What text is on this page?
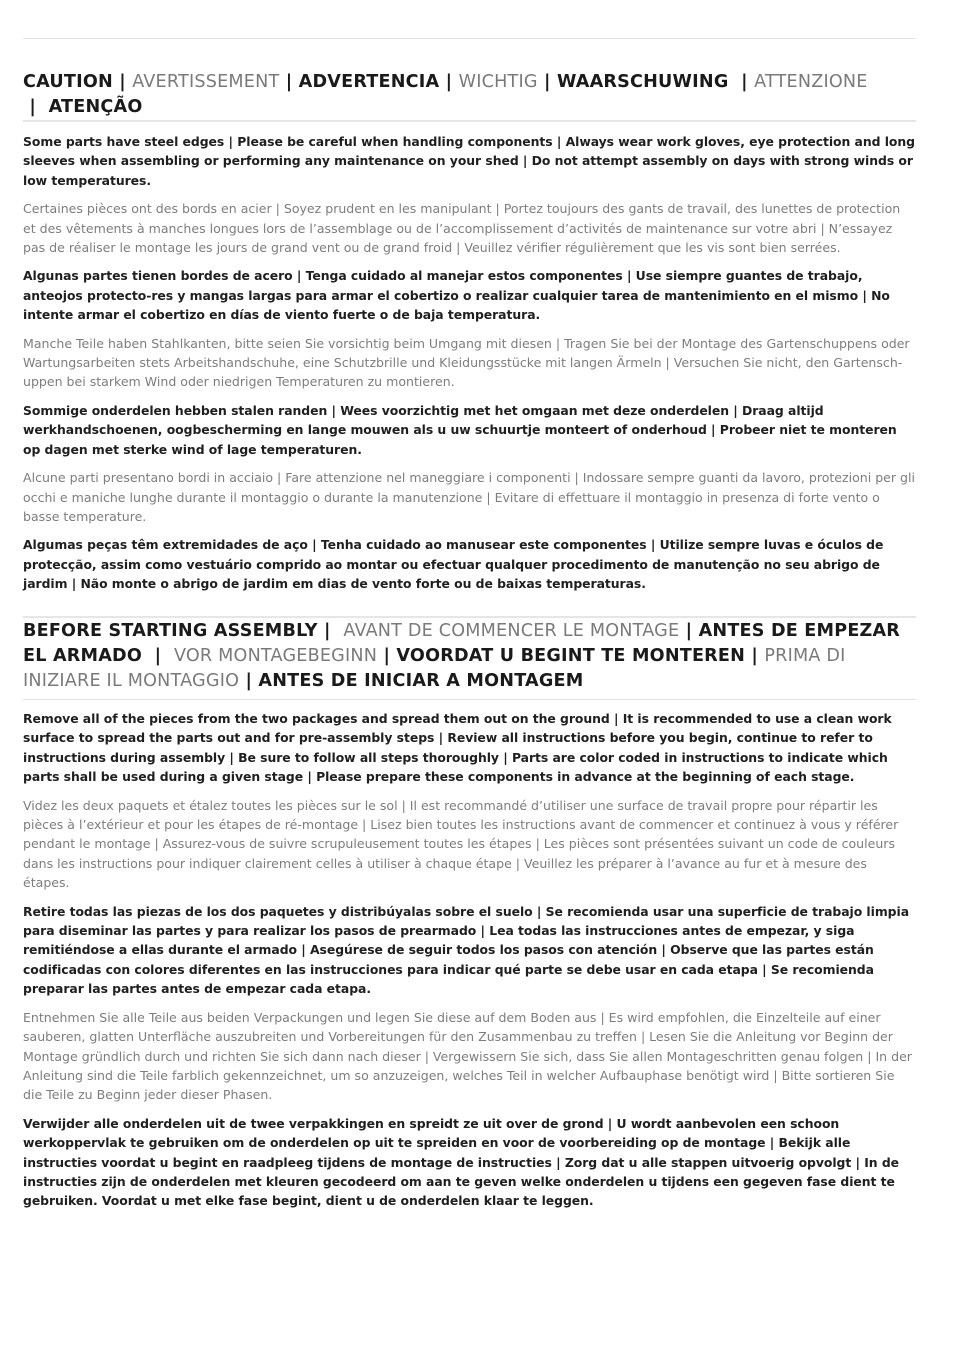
CAUTION | AVERTISSEMENT | ADVERTENCIA | WICHTIG | WAARSCHUWING  | ATTENZIONE |  ATENÇÃO

Some parts have steel edges | Please be careful when handling components | Always wear work gloves, eye protection and long sleeves when assembling or performing any maintenance on your shed | Do not attempt assembly on days with strong winds or low temperatures.

Certaines pièces ont des bords en acier | Soyez prudent en les manipulant | Portez toujours des gants de travail, des lunettes de protection et des vêtements à manches longues lors de l’assemblage ou de l’accomplissement d’activités de maintenance sur votre abri | N’essayez pas de réaliser le montage les jours de grand vent ou de grand froid | Veuillez vérifier régulièrement que les vis sont bien serrées.

Algunas partes tienen bordes de acero | Tenga cuidado al manejar estos componentes | Use siempre guantes de trabajo, anteojos protecto-res y mangas largas para armar el cobertizo o realizar cualquier tarea de mantenimiento en el mismo | No intente armar el cobertizo en días de viento fuerte o de baja temperatura.

Manche Teile haben Stahlkanten, bitte seien Sie vorsichtig beim Umgang mit diesen | Tragen Sie bei der Montage des Gartenschuppens oder Wartungsarbeiten stets Arbeitshandschuhe, eine Schutzbrille und Kleidungsstücke mit langen Ärmeln | Versuchen Sie nicht, den Gartensch-uppen bei starkem Wind oder niedrigen Temperaturen zu montieren.

Sommige onderdelen hebben stalen randen | Wees voorzichtig met het omgaan met deze onderdelen | Draag altijd werkhandschoenen, oogbescherming en lange mouwen als u uw schuurtje monteert of onderhoud | Probeer niet te monteren op dagen met sterke wind of lage temperaturen.

Alcune parti presentano bordi in acciaio | Fare attenzione nel maneggiare i componenti | Indossare sempre guanti da lavoro, protezioni per gli occhi e maniche lunghe durante il montaggio o durante la manutenzione | Evitare di effettuare il montaggio in presenza di forte vento o basse temperature.

Algumas peças têm extremidades de aço | Tenha cuidado ao manusear este componentes | Utilize sempre luvas e óculos de protecção, assim como vestuário comprido ao montar ou efectuar qualquer procedimento de manutenção no seu abrigo de jardim | Não monte o abrigo de jardim em dias de vento forte ou de baixas temperaturas.

BEFORE STARTING ASSEMBLY |  AVANT DE COMMENCER LE MONTAGE | ANTES DE EMPEZAR EL ARMADO  |  VOR MONTAGEBEGINN | VOORDAT U BEGINT TE MONTEREN | PRIMA DI INIZIARE IL MONTAGGIO | ANTES DE INICIAR A MONTAGEM

Remove all of the pieces from the two packages and spread them out on the ground | It is recommended to use a clean work surface to spread the parts out and for pre-assembly steps | Review all instructions before you begin, continue to refer to instructions during assembly | Be sure to follow all steps thoroughly | Parts are color coded in instructions to indicate which parts shall be used during a given stage | Please prepare these components in advance at the beginning of each stage.

Videz les deux paquets et étalez toutes les pièces sur le sol | Il est recommandé d’utiliser une surface de travail propre pour répartir les pièces à l’extérieur et pour les étapes de ré-montage | Lisez bien toutes les instructions avant de commencer et continuez à vous y référer pendant le montage | Assurez-vous de suivre scrupuleusement toutes les étapes | Les pièces sont présentées suivant un code de couleurs dans les instructions pour indiquer clairement celles à utiliser à chaque étape | Veuillez les préparer à l’avance au fur et à mesure des étapes.

Retire todas las piezas de los dos paquetes y distribúyalas sobre el suelo | Se recomienda usar una superficie de trabajo limpia para diseminar las partes y para realizar los pasos de prearmado | Lea todas las instrucciones antes de empezar, y siga remitiéndose a ellas durante el armado | Asegúrese de seguir todos los pasos con atención | Observe que las partes están codificadas con colores diferentes en las instrucciones para indicar qué parte se debe usar en cada etapa | Se recomienda preparar las partes antes de empezar cada etapa.

Entnehmen Sie alle Teile aus beiden Verpackungen und legen Sie diese auf dem Boden aus | Es wird empfohlen, die Einzelteile auf einer sauberen, glatten Unterfläche auszubreiten und Vorbereitungen für den Zusammenbau zu treffen | Lesen Sie die Anleitung vor Beginn der Montage gründlich durch und richten Sie sich dann nach dieser | Vergewissern Sie sich, dass Sie allen Montageschritten genau folgen | In der Anleitung sind die Teile farblich gekennzeichnet, um so anzuzeigen, welches Teil in welcher Aufbauphase benötigt wird | Bitte sortieren Sie die Teile zu Beginn jeder dieser Phasen.

Verwijder alle onderdelen uit de twee verpakkingen en spreidt ze uit over de grond | U wordt aanbevolen een schoon werkoppervlak te gebruiken om de onderdelen op uit te spreiden en voor de voorbereiding op de montage | Bekijk alle instructies voordat u begint en raadpleeg tijdens de montage de instructies | Zorg dat u alle stappen uitvoerig opvolgt | In de instructies zijn de onderdelen met kleuren gecodeerd om aan te geven welke onderdelen u tijdens een gegeven fase dient te gebruiken. Voordat u met elke fase begint, dient u de onderdelen klaar te leggen.
